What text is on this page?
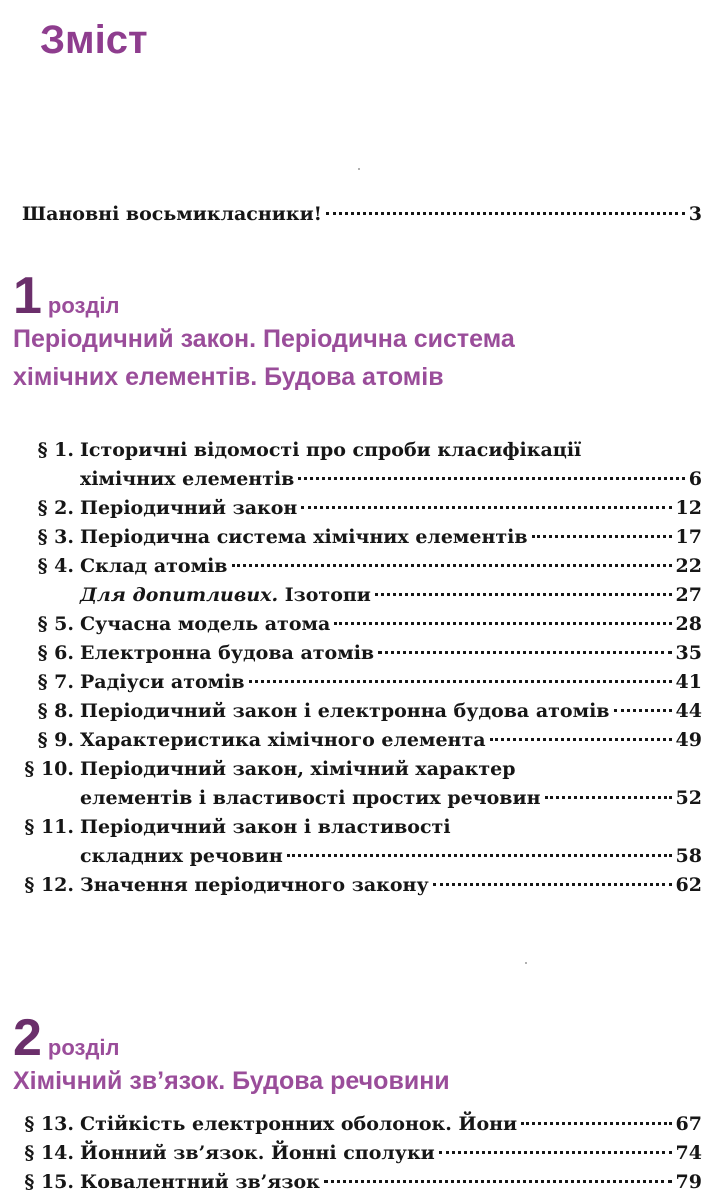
Зміст
Шановні восьмикласники!	3
1 розділ
Періодичний закон. Періодична система
хімічних елементів. Будова атомів
§ 1. Історичні відомості про спроби класифікації
хімічних елементів	6
§ 2. Періодичний закон	12
§ 3. Періодична система хімічних елементів	17
§ 4. Склад атомів	22
Для допитливих. Ізотопи	27
§ 5. Сучасна модель атома	28
§ 6. Електронна будова атомів	35
§ 7. Радіуси атомів	41
§ 8. Періодичний закон і електронна будова атомів	44
§ 9. Характеристика хімічного елемента	49
§ 10. Періодичний закон, хімічний характер
елементів і властивості простих речовин	52
§ 11. Періодичний закон і властивості
складних речовин	58
§ 12. Значення періодичного закону	62
2 розділ
Хімічний зв’язок. Будова речовини
§ 13. Стійкість електронних оболонок. Йони	67
§ 14. Йонний зв’язок. Йонні сполуки	74
§ 15. Ковалентний зв’язок	79
